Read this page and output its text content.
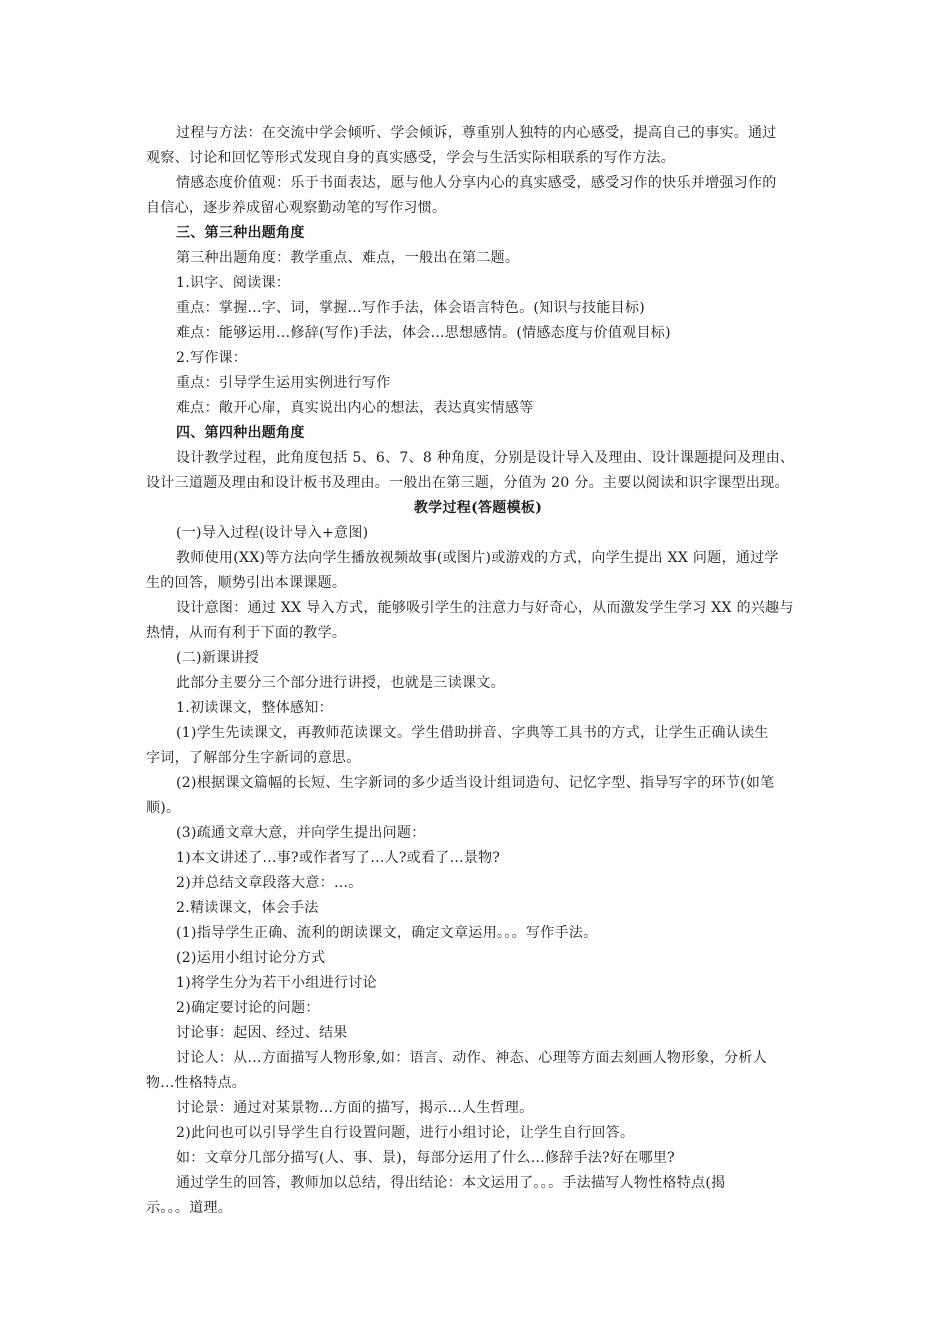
过程与方法：在交流中学会倾听、学会倾诉，尊重别人独特的内心感受，提高自己的事实。通过
观察、讨论和回忆等形式发现自身的真实感受，学会与生活实际相联系的写作方法。
情感态度价值观：乐于书面表达，愿与他人分享内心的真实感受，感受习作的快乐并增强习作的
自信心，逐步养成留心观察勤动笔的写作习惯。
三、第三种出题角度
第三种出题角度：教学重点、难点，一般出在第二题。
1.识字、阅读课：
重点：掌握...字、词，掌握...写作手法，体会语言特色。(知识与技能目标)
难点：能够运用...修辞(写作)手法，体会...思想感情。(情感态度与价值观目标)
2.写作课：
重点：引导学生运用实例进行写作
难点：敞开心扉，真实说出内心的想法，表达真实情感等
四、第四种出题角度
设计教学过程，此角度包括 5、6、7、8 种角度，分别是设计导入及理由、设计课题提问及理由、
设计三道题及理由和设计板书及理由。一般出在第三题，分值为 20 分。主要以阅读和识字课型出现。
教学过程(答题模板)
(一)导入过程(设计导入+意图)
教师使用(XX)等方法向学生播放视频故事(或图片)或游戏的方式，向学生提出 XX 问题，通过学
生的回答，顺势引出本课课题。
设计意图：通过 XX 导入方式，能够吸引学生的注意力与好奇心，从而激发学生学习 XX 的兴趣与
热情，从而有利于下面的教学。
(二)新课讲授
此部分主要分三个部分进行讲授，也就是三读课文。
1.初读课文，整体感知：
(1)学生先读课文，再教师范读课文。学生借助拼音、字典等工具书的方式，让学生正确认读生
字词，了解部分生字新词的意思。
(2)根据课文篇幅的长短、生字新词的多少适当设计组词造句、记忆字型、指导写字的环节(如笔
顺)。
(3)疏通文章大意，并向学生提出问题：
1)本文讲述了...事?或作者写了...人?或看了...景物?
2)并总结文章段落大意：...。
2.精读课文，体会手法
(1)指导学生正确、流利的朗读课文，确定文章运用。。。写作手法。
(2)运用小组讨论分方式
1)将学生分为若干小组进行讨论
2)确定要讨论的问题：
讨论事：起因、经过、结果
讨论人：从...方面描写人物形象,如：语言、动作、神态、心理等方面去刻画人物形象，分析人
物...性格特点。
讨论景：通过对某景物...方面的描写，揭示...人生哲理。
2)此问也可以引导学生自行设置问题，进行小组讨论，让学生自行回答。
如：文章分几部分描写(人、事、景)，每部分运用了什么...修辞手法?好在哪里?
通过学生的回答，教师加以总结，得出结论：本文运用了。。。手法描写人物性格特点(揭
示。。。道理。
